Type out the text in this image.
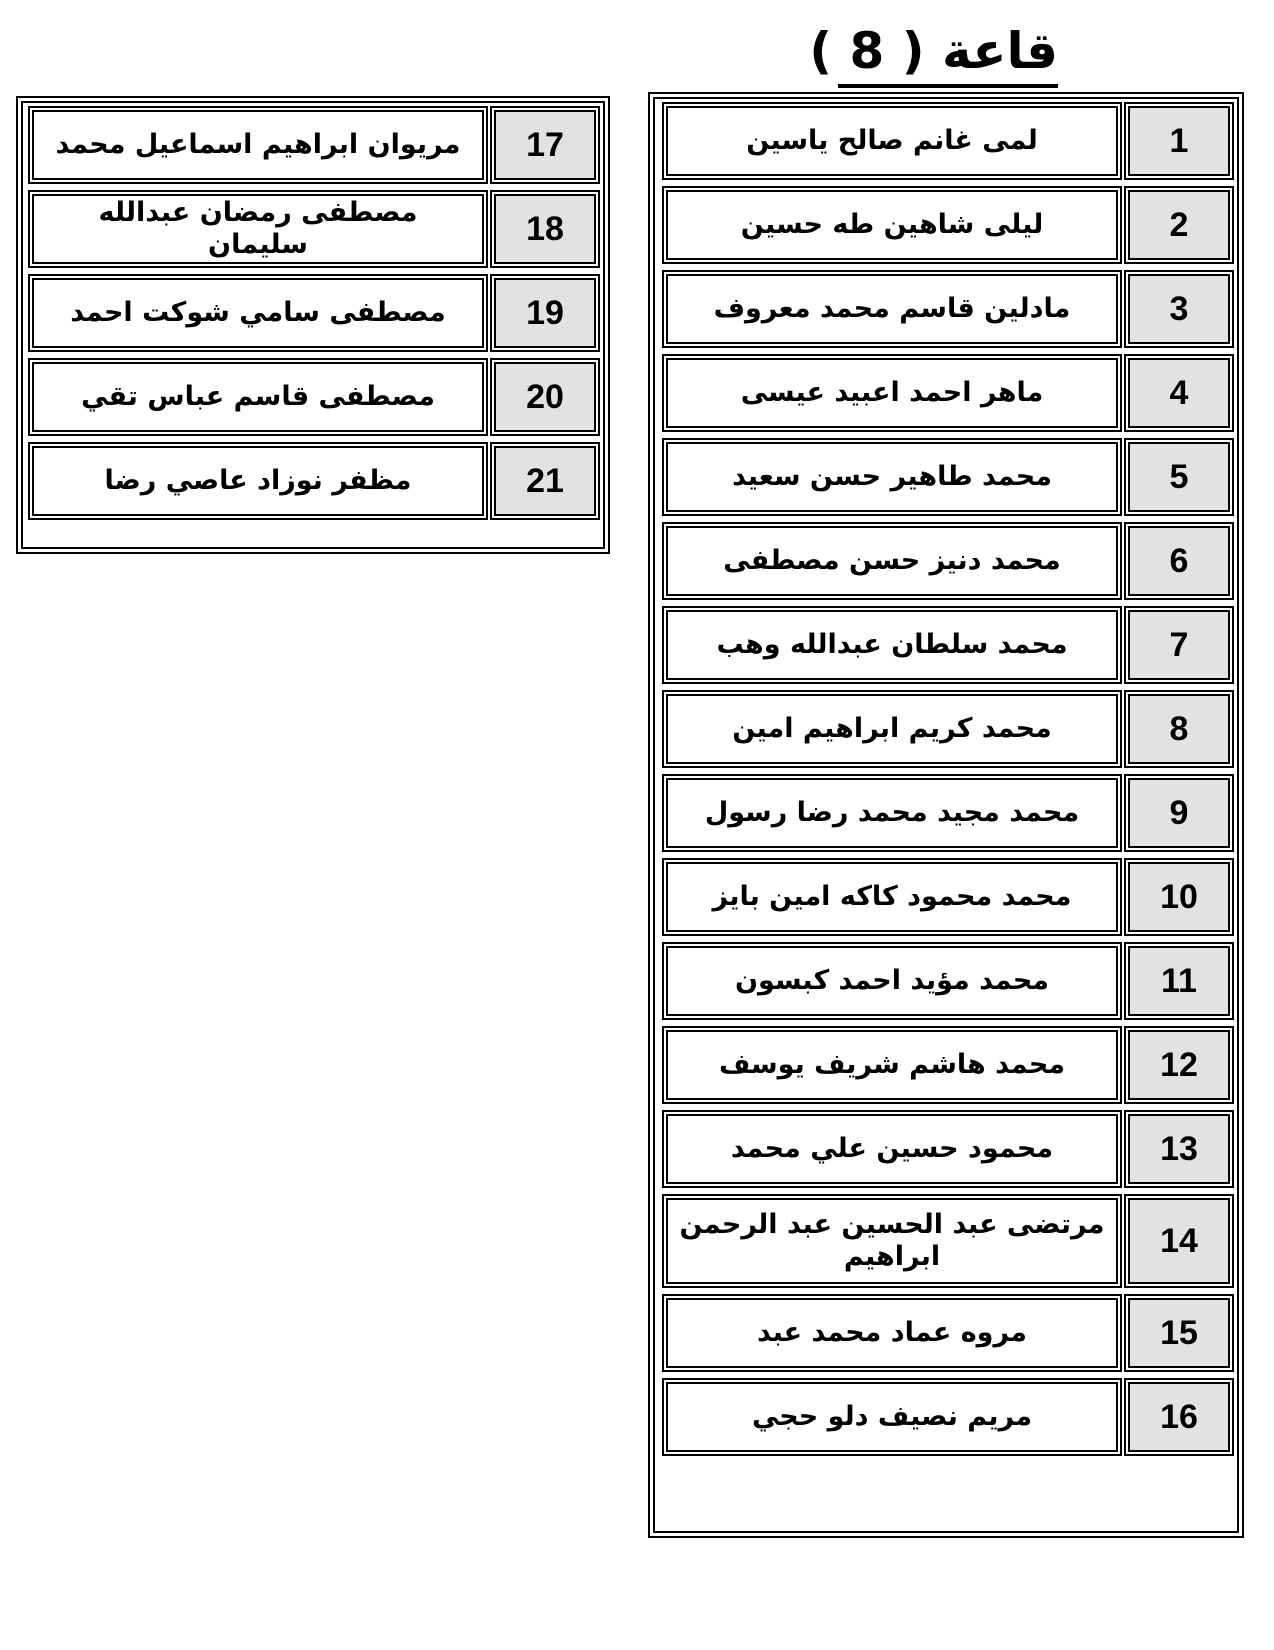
قاعة ( 8 )
1
لمى غانم صالح ياسين
2
ليلى شاهين طه حسين
3
مادلين قاسم محمد معروف
4
ماهر احمد اعبيد عيسى
5
محمد طاهير حسن سعيد
6
محمد دنيز حسن مصطفى
7
محمد سلطان عبدالله وهب
8
محمد كريم ابراهيم امين
9
محمد مجيد محمد رضا رسول
10
محمد محمود كاكه امين بايز
11
محمد مؤيد احمد كبسون
12
محمد هاشم شريف يوسف
13
محمود حسين علي محمد
14
مرتضى عبد الحسين عبد الرحمن ابراهيم
15
مروه عماد محمد عبد
16
مريم نصيف دلو حجي
17
مريوان ابراهيم اسماعيل محمد
18
مصطفى رمضان عبدالله سليمان
19
مصطفى سامي شوكت احمد
20
مصطفى قاسم عباس تقي
21
مظفر نوزاد عاصي رضا
